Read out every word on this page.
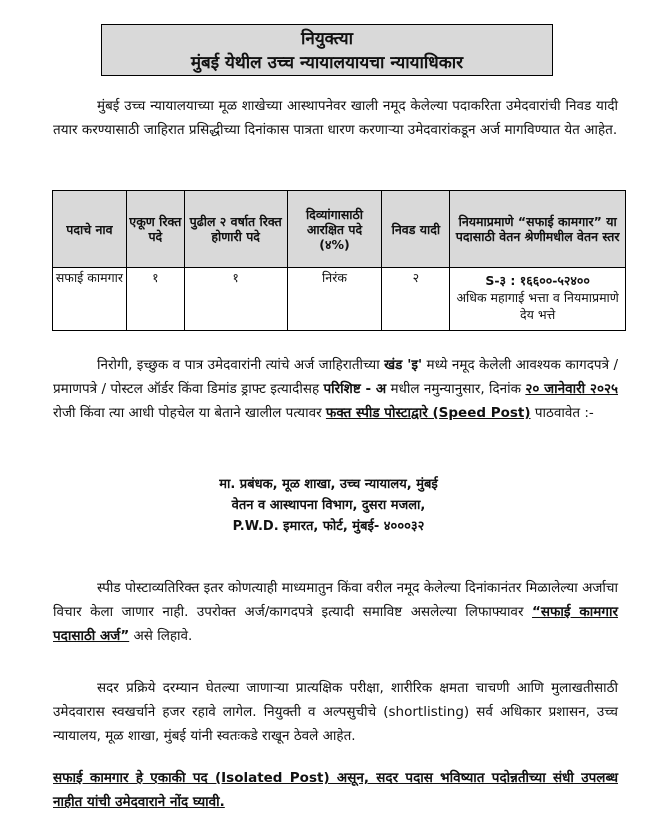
नियुक्त्या
मुंबई येथील उच्च न्यायालयायचा न्यायाधिकार
मुंबई उच्च न्यायालयाच्या मूळ शाखेच्या आस्थापनेवर खाली नमूद केलेल्या पदाकरिता उमेदवारांची निवड यादी तयार करण्यासाठी जाहिरात प्रसिद्धीच्या दिनांकास पात्रता धारण करणाऱ्या उमेदवारांकडून अर्ज मागविण्यात येत आहेत.
पदाचे नाव	एकूण रिक्त पदे	पुढील २ वर्षात रिक्त होणारी पदे	दिव्यांगासाठी आरक्षित पदे (४%)	निवड यादी	नियमाप्रमाणे “सफाई कामगार” या पदासाठी वेतन श्रेणीमधील वेतन स्तर
सफाई कामगार	१	१	निरंक	२	S-३ : १६६००-५२४००
अधिक महागाई भत्ता व नियमाप्रमाणे देय भत्ते
निरोगी, इच्छुक व पात्र उमेदवारांनी त्यांचे अर्ज जाहिरातीच्या खंड 'इ' मध्ये नमूद केलेली आवश्यक कागदपत्रे / प्रमाणपत्रे / पोस्टल ऑर्डर किंवा डिमांड ड्राफ्ट इत्यादीसह परिशिष्ट - अ मधील नमुन्यानुसार, दिनांक २० जानेवारी २०२५ रोजी किंवा त्या आधी पोहचेल या बेताने खालील पत्यावर फक्त स्पीड पोस्टाद्वारे (Speed Post) पाठवावेत :-
मा. प्रबंधक, मूळ शाखा, उच्च न्यायालय, मुंबई
वेतन व आस्थापना विभाग, दुसरा मजला,
P.W.D. इमारत, फोर्ट, मुंबई- ४०००३२
स्पीड पोस्टाव्यतिरिक्त इतर कोणत्याही माध्यमातुन किंवा वरील नमूद केलेल्या दिनांकानंतर मिळालेल्या अर्जाचा विचार केला जाणार नाही. उपरोक्त अर्ज/कागदपत्रे इत्यादी समाविष्ट असलेल्या लिफाफ्यावर “सफाई कामगार पदासाठी अर्ज” असे लिहावे.
सदर प्रक्रिये दरम्यान घेतल्या जाणाऱ्या प्रात्यक्षिक परीक्षा, शारीरिक क्षमता चाचणी आणि मुलाखतीसाठी उमेदवारास स्वखर्चाने हजर रहावे लागेल. नियुक्ती व अल्पसुचीचे (shortlisting) सर्व अधिकार प्रशासन, उच्च न्यायालय, मूळ शाखा, मुंबई यांनी स्वतःकडे राखून ठेवले आहेत.
सफाई कामगार हे एकाकी पद (Isolated Post) असून, सदर पदास भविष्यात पदोन्नतीच्या संधी उपलब्ध नाहीत यांची उमेदवाराने नोंद घ्यावी.
